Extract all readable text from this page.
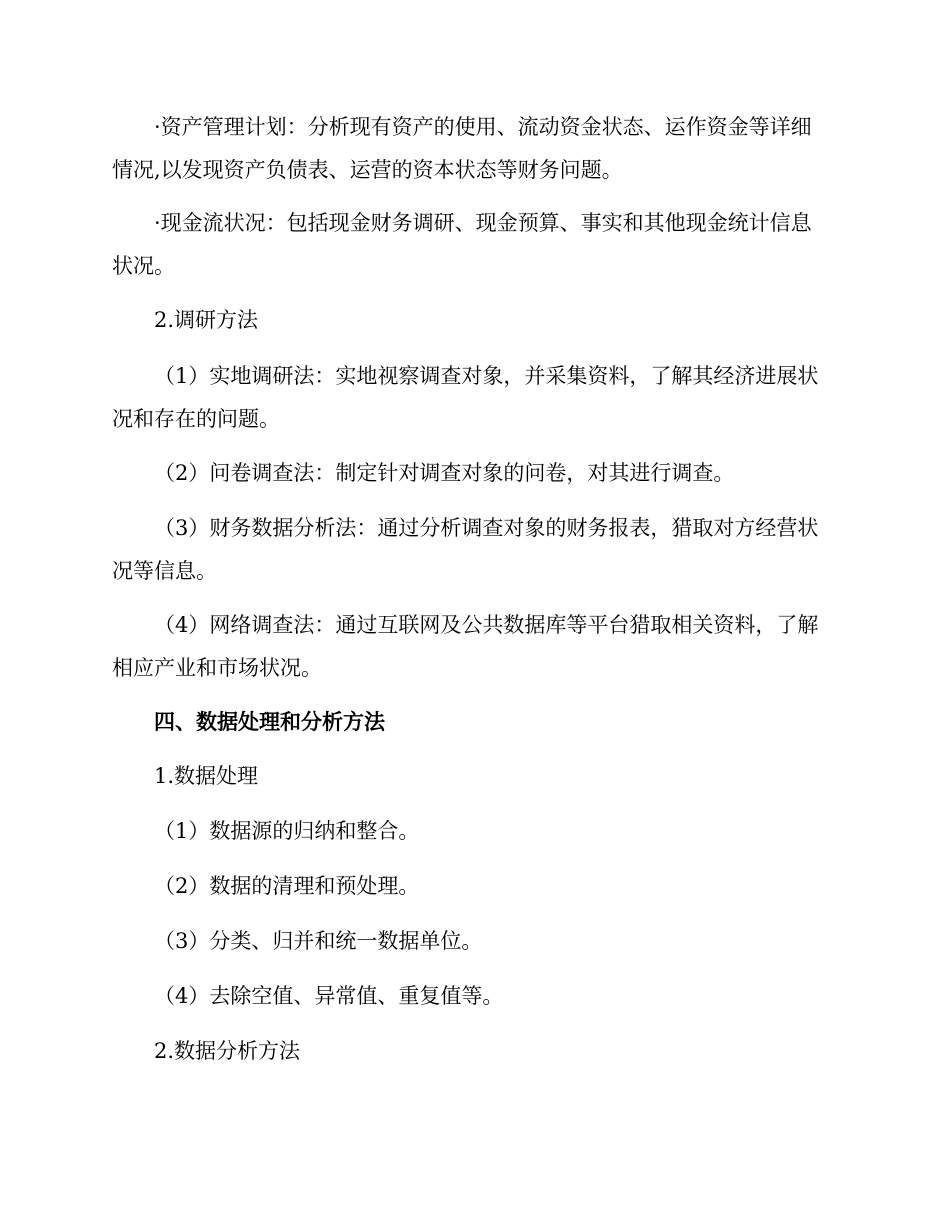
·资产管理计划：分析现有资产的使用、流动资金状态、运作资金等详细情况,以发现资产负债表、运营的资本状态等财务问题。

·现金流状况：包括现金财务调研、现金预算、事实和其他现金统计信息状况。

2.调研方法

（1）实地调研法：实地视察调查对象，并采集资料，了解其经济进展状况和存在的问题。

（2）问卷调查法：制定针对调查对象的问卷，对其进行调查。

（3）财务数据分析法：通过分析调查对象的财务报表，猎取对方经营状况等信息。

（4）网络调查法：通过互联网及公共数据库等平台猎取相关资料，了解相应产业和市场状况。

四、数据处理和分析方法

1.数据处理

（1）数据源的归纳和整合。

（2）数据的清理和预处理。

（3）分类、归并和统一数据单位。

（4）去除空值、异常值、重复值等。

2.数据分析方法
